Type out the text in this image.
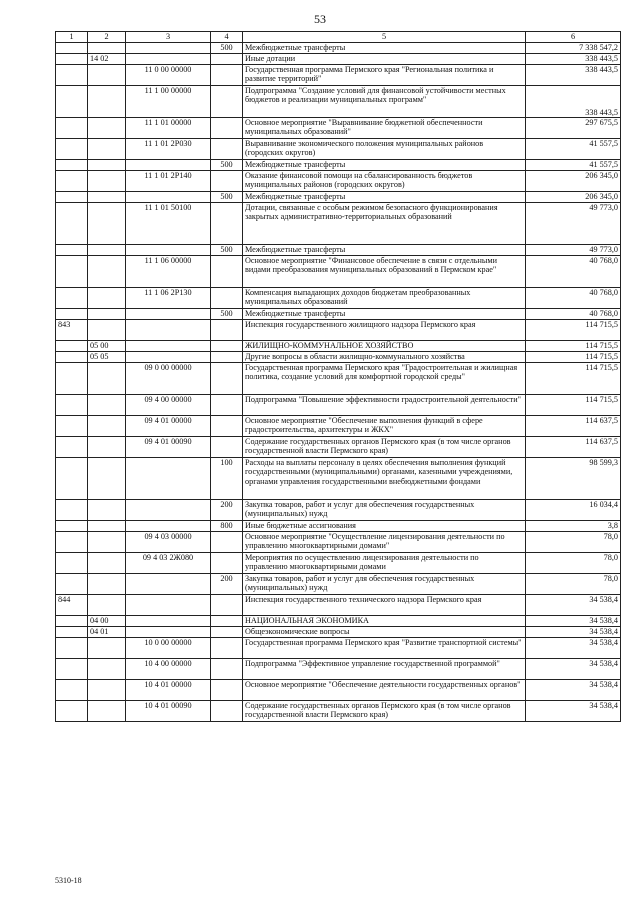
53
1	2	3	4	5	6
			500	Межбюджетные трансферты	7 338 547,2
	14 02			Иные дотации	338 443,5
		11 0 00 00000		Государственная программа Пермского края "Региональная политика и развитие территорий"	338 443,5
		11 1 00 00000		Подпрограмма "Создание условий для финансовой устойчивости местных бюджетов и реализации муниципальных программ"	338 443,5
		11 1 01 00000		Основное мероприятие "Выравнивание бюджетной обеспеченности муниципальных образований"	297 675,5
		11 1 01 2Р030		Выравнивание экономического положения муниципальных районов (городских округов)	41 557,5
			500	Межбюджетные трансферты	41 557,5
		11 1 01 2Р140		Оказание финансовой помощи на сбалансированность бюджетов муниципальных районов (городских округов)	206 345,0
			500	Межбюджетные трансферты	206 345,0
		11 1 01 50100		Дотации, связанные с особым режимом безопасного функционирования закрытых административно-территориальных образований	49 773,0
			500	Межбюджетные трансферты	49 773,0
		11 1 06 00000		Основное мероприятие "Финансовое обеспечение в связи с отдельными видами преобразования муниципальных образований в Пермском крае"	40 768,0
		11 1 06 2Р130		Компенсация выпадающих доходов бюджетам преобразованных муниципальных образований	40 768,0
			500	Межбюджетные трансферты	40 768,0
843				Инспекция государственного жилищного надзора Пермского края	114 715,5
	05 00			ЖИЛИЩНО-КОММУНАЛЬНОЕ ХОЗЯЙСТВО	114 715,5
	05 05			Другие вопросы в области жилищно-коммунального хозяйства	114 715,5
		09 0 00 00000		Государственная программа Пермского края "Градостроительная и жилищная политика, создание условий для комфортной городской среды"	114 715,5
		09 4 00 00000		Подпрограмма "Повышение эффективности градостроительной деятельности"	114 715,5
		09 4 01 00000		Основное мероприятие "Обеспечение выполнения функций в сфере градостроительства, архитектуры и ЖКХ"	114 637,5
		09 4 01 00090		Содержание государственных органов Пермского края (в том числе органов государственной власти Пермского края)	114 637,5
			100	Расходы на выплаты персоналу в целях обеспечения выполнения функций государственными (муниципальными) органами, казенными учреждениями, органами управления государственными внебюджетными фондами	98 599,3
			200	Закупка товаров, работ и услуг для обеспечения государственных (муниципальных) нужд	16 034,4
			800	Иные бюджетные ассигнования	3,8
		09 4 03 00000		Основное мероприятие "Осуществление лицензирования деятельности по управлению многоквартирными домами"	78,0
		09 4 03 2Ж080		Мероприятия по осуществлению лицензирования деятельности по управлению многоквартирными домами	78,0
			200	Закупка товаров, работ и услуг для обеспечения государственных (муниципальных) нужд	78,0
844				Инспекция государственного технического надзора Пермского края	34 538,4
	04 00			НАЦИОНАЛЬНАЯ ЭКОНОМИКА	34 538,4
	04 01			Общеэкономические вопросы	34 538,4
		10 0 00 00000		Государственная программа Пермского края "Развитие транспортной системы"	34 538,4
		10 4 00 00000		Подпрограмма "Эффективное управление государственной программой"	34 538,4
		10 4 01 00000		Основное мероприятие "Обеспечение деятельности государственных органов"	34 538,4
		10 4 01 00090		Содержание государственных органов Пермского края (в том числе органов государственной власти Пермского края)	34 538,4
5310-18
